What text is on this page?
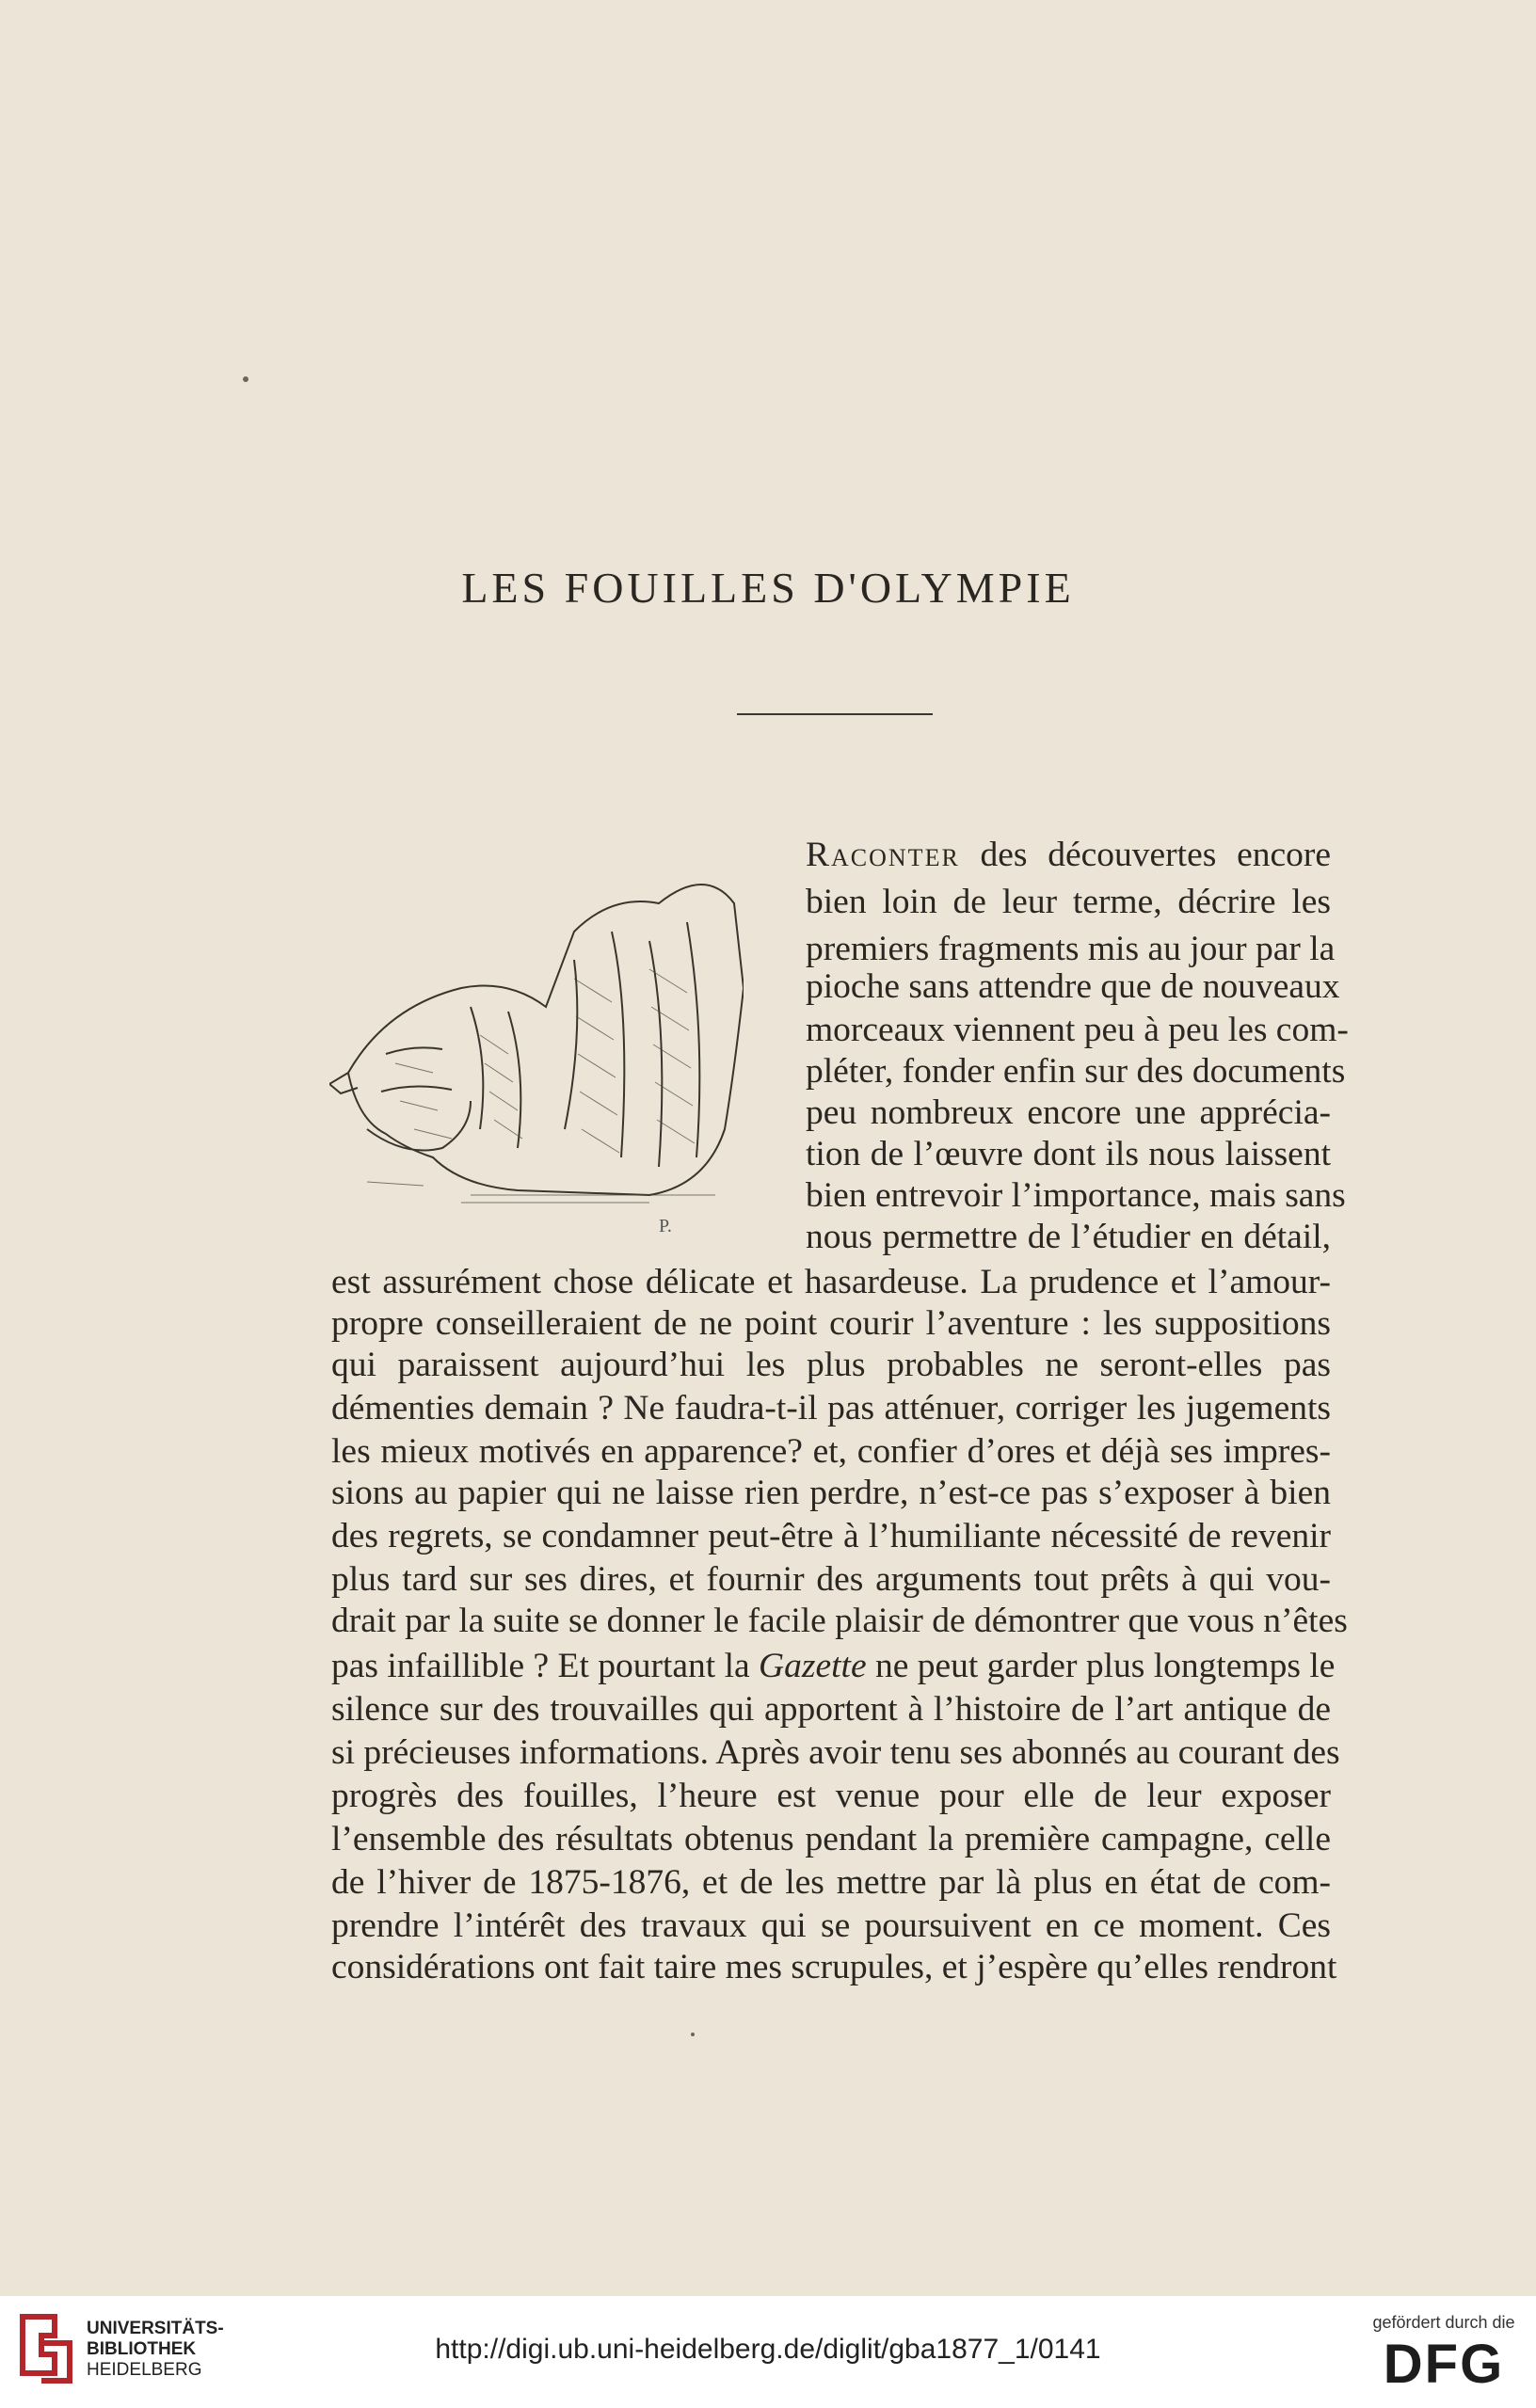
LES FOUILLES D'OLYMPIE
P.
Raconter des découvertes encore
bien loin de leur terme, décrire les
premiers fragments mis au jour par la
pioche sans attendre que de nouveaux
morceaux viennent peu à peu les com-
pléter, fonder enfin sur des documents
peu nombreux encore une apprécia-
tion de l’œuvre dont ils nous laissent
bien entrevoir l’importance, mais sans
nous permettre de l’étudier en détail,
est assurément chose délicate et hasardeuse. La prudence et l’amour-
propre conseilleraient de ne point courir l’aventure : les suppositions
qui paraissent aujourd’hui les plus probables ne seront-elles pas
démenties demain ? Ne faudra-t-il pas atténuer, corriger les jugements
les mieux motivés en apparence? et, confier d’ores et déjà ses impres-
sions au papier qui ne laisse rien perdre, n’est-ce pas s’exposer à bien
des regrets, se condamner peut-être à l’humiliante nécessité de revenir
plus tard sur ses dires, et fournir des arguments tout prêts à qui vou-
drait par la suite se donner le facile plaisir de démontrer que vous n’êtes
pas infaillible ? Et pourtant la Gazette ne peut garder plus longtemps le
silence sur des trouvailles qui apportent à l’histoire de l’art antique de
si précieuses informations. Après avoir tenu ses abonnés au courant des
progrès des fouilles, l’heure est venue pour elle de leur exposer
l’ensemble des résultats obtenus pendant la première campagne, celle
de l’hiver de 1875-1876, et de les mettre par là plus en état de com-
prendre l’intérêt des travaux qui se poursuivent en ce moment. Ces
considérations ont fait taire mes scrupules, et j’espère qu’elles rendront
UNIVERSITÄTS-
BIBLIOTHEK
HEIDELBERG
http://digi.ub.uni-heidelberg.de/diglit/gba1877_1/0141
gefördert durch die
DFG
